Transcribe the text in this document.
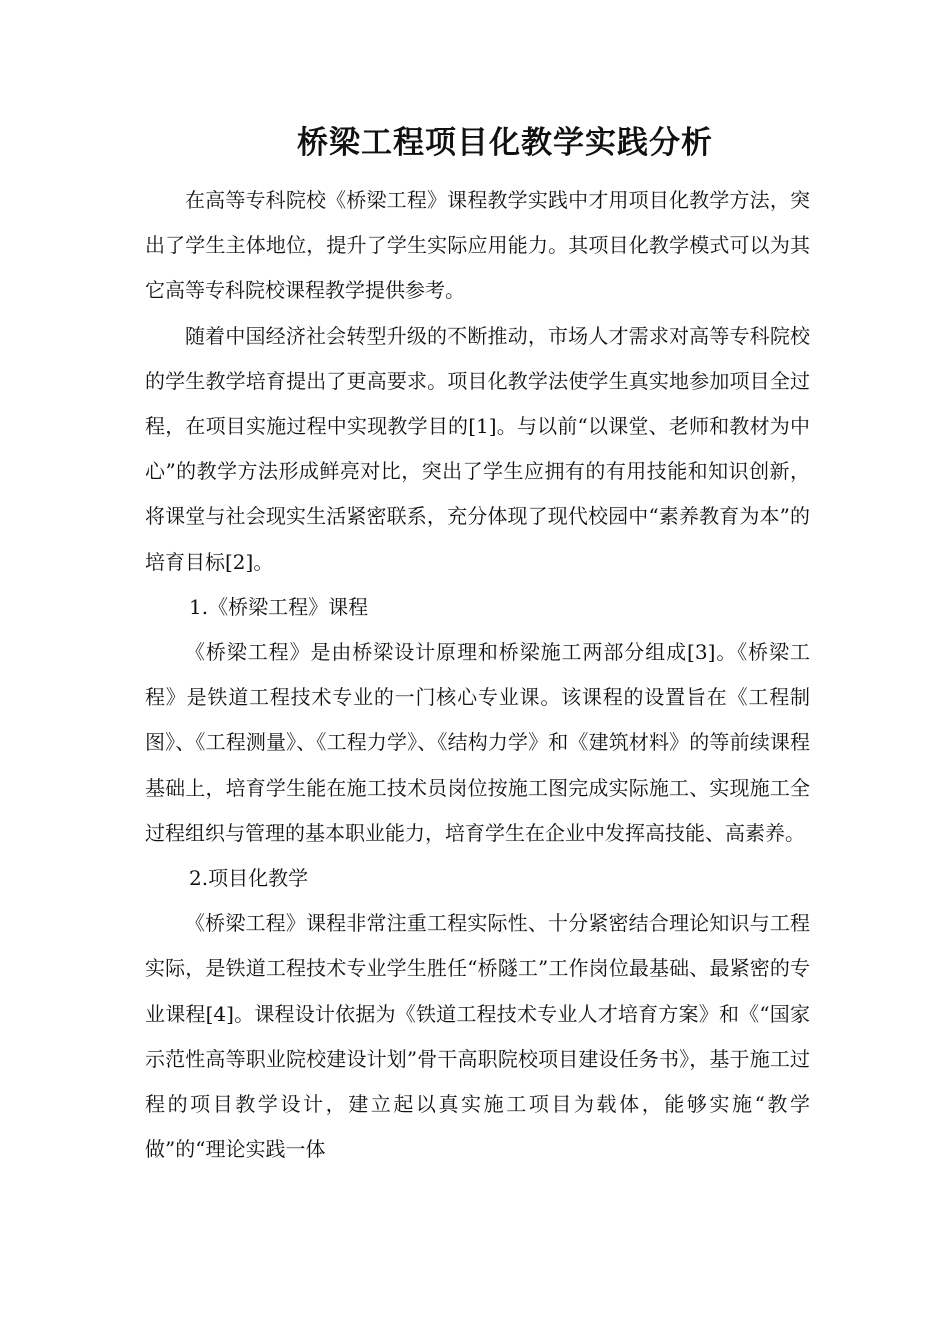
桥梁工程项目化教学实践分析

在高等专科院校《桥梁工程》课程教学实践中才用项目化教学方法，突出了学生主体地位，提升了学生实际应用能力。其项目化教学模式可以为其它高等专科院校课程教学提供参考。

随着中国经济社会转型升级的不断推动，市场人才需求对高等专科院校的学生教学培育提出了更高要求。项目化教学法使学生真实地参加项目全过程，在项目实施过程中实现教学目的[1]。与以前“以课堂、老师和教材为中心”的教学方法形成鲜亮对比，突出了学生应拥有的有用技能和知识创新，将课堂与社会现实生活紧密联系，充分体现了现代校园中“素养教育为本”的培育目标[2]。

1.《桥梁工程》课程

《桥梁工程》是由桥梁设计原理和桥梁施工两部分组成[3]。《桥梁工程》是铁道工程技术专业的一门核心专业课。该课程的设置旨在《工程制图》、《工程测量》、《工程力学》、《结构力学》和《建筑材料》的等前续课程基础上，培育学生能在施工技术员岗位按施工图完成实际施工、实现施工全过程组织与管理的基本职业能力，培育学生在企业中发挥高技能、高素养。

2.项目化教学

《桥梁工程》课程非常注重工程实际性、十分紧密结合理论知识与工程实际，是铁道工程技术专业学生胜任“桥隧工”工作岗位最基础、最紧密的专业课程[4]。课程设计依据为《铁道工程技术专业人才培育方案》和《“国家示范性高等职业院校建设计划”骨干高职院校项目建设任务书》，基于施工过程的项目教学设计，建立起以真实施工项目为载体，能够实施“教学做”的“理论实践一体
